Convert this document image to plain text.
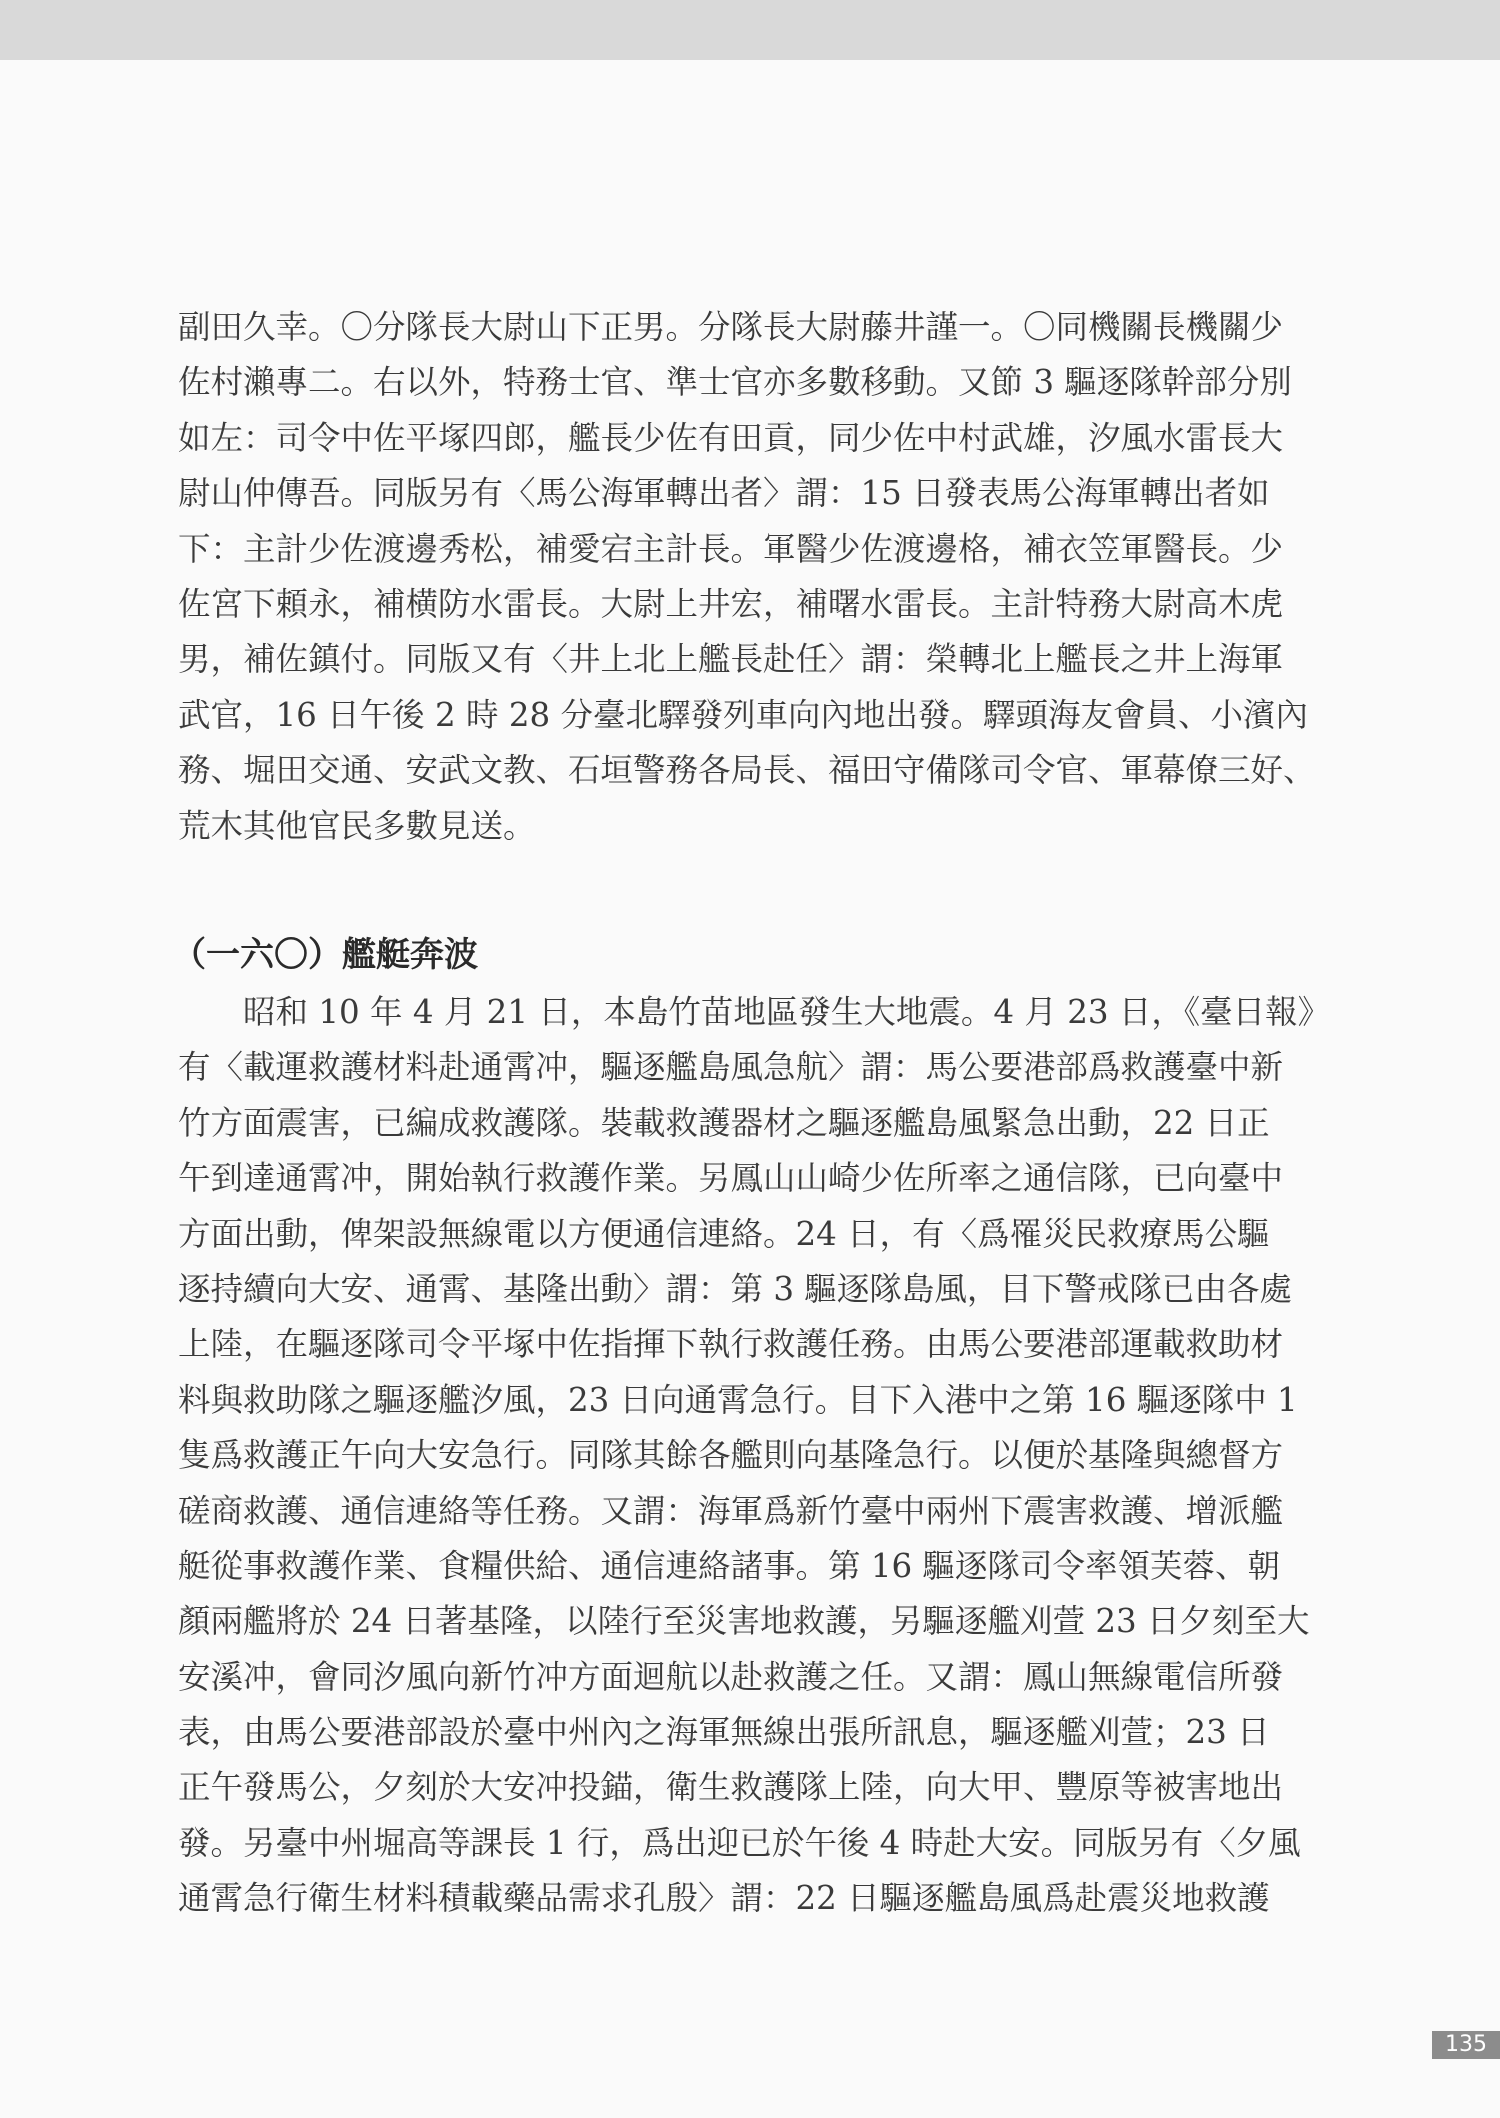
副田久幸。〇分隊長大尉山下正男。分隊長大尉藤井謹一。〇同機關長機關少
佐村瀨專二。右以外，特務士官、準士官亦多數移動。又節 3 驅逐隊幹部分別
如左：司令中佐平塚四郎，艦長少佐有田貢，同少佐中村武雄，汐風水雷長大
尉山仲傳吾。同版另有〈馬公海軍轉出者〉謂：15 日發表馬公海軍轉出者如
下：主計少佐渡邊秀松，補愛宕主計長。軍醫少佐渡邊格，補衣笠軍醫長。少
佐宮下頼永，補横防水雷長。大尉上井宏，補曙水雷長。主計特務大尉高木虎
男，補佐鎮付。同版又有〈井上北上艦長赴任〉謂：榮轉北上艦長之井上海軍
武官，16 日午後 2 時 28 分臺北驛發列車向內地出發。驛頭海友會員、小濱內
務、堀田交通、安武文教、石垣警務各局長、福田守備隊司令官、軍幕僚三好、
荒木其他官民多數見送。
（一六〇）艦艇奔波
昭和 10 年 4 月 21 日，本島竹苗地區發生大地震。4 月 23 日，《臺日報》
有〈載運救護材料赴通霄冲，驅逐艦島風急航〉謂：馬公要港部爲救護臺中新
竹方面震害，已編成救護隊。裝載救護器材之驅逐艦島風緊急出動，22 日正
午到達通霄冲，開始執行救護作業。另鳳山山崎少佐所率之通信隊，已向臺中
方面出動，俾架設無線電以方便通信連絡。24 日，有〈爲罹災民救療馬公驅
逐持續向大安、通霄、基隆出動〉謂：第 3 驅逐隊島風，目下警戒隊已由各處
上陸，在驅逐隊司令平塚中佐指揮下執行救護任務。由馬公要港部運載救助材
料與救助隊之驅逐艦汐風，23 日向通霄急行。目下入港中之第 16 驅逐隊中 1
隻爲救護正午向大安急行。同隊其餘各艦則向基隆急行。以便於基隆與總督方
磋商救護、通信連絡等任務。又謂：海軍爲新竹臺中兩州下震害救護、增派艦
艇從事救護作業、食糧供給、通信連絡諸事。第 16 驅逐隊司令率領芙蓉、朝
顏兩艦將於 24 日著基隆，以陸行至災害地救護，另驅逐艦刈萱 23 日夕刻至大
安溪冲，會同汐風向新竹冲方面迴航以赴救護之任。又謂：鳳山無線電信所發
表，由馬公要港部設於臺中州內之海軍無線出張所訊息，驅逐艦刈萱；23 日
正午發馬公，夕刻於大安冲投錨，衛生救護隊上陸，向大甲、豐原等被害地出
發。另臺中州堀高等課長 1 行，爲出迎已於午後 4 時赴大安。同版另有〈夕風
通霄急行衛生材料積載藥品需求孔殷〉謂：22 日驅逐艦島風爲赴震災地救護
135
